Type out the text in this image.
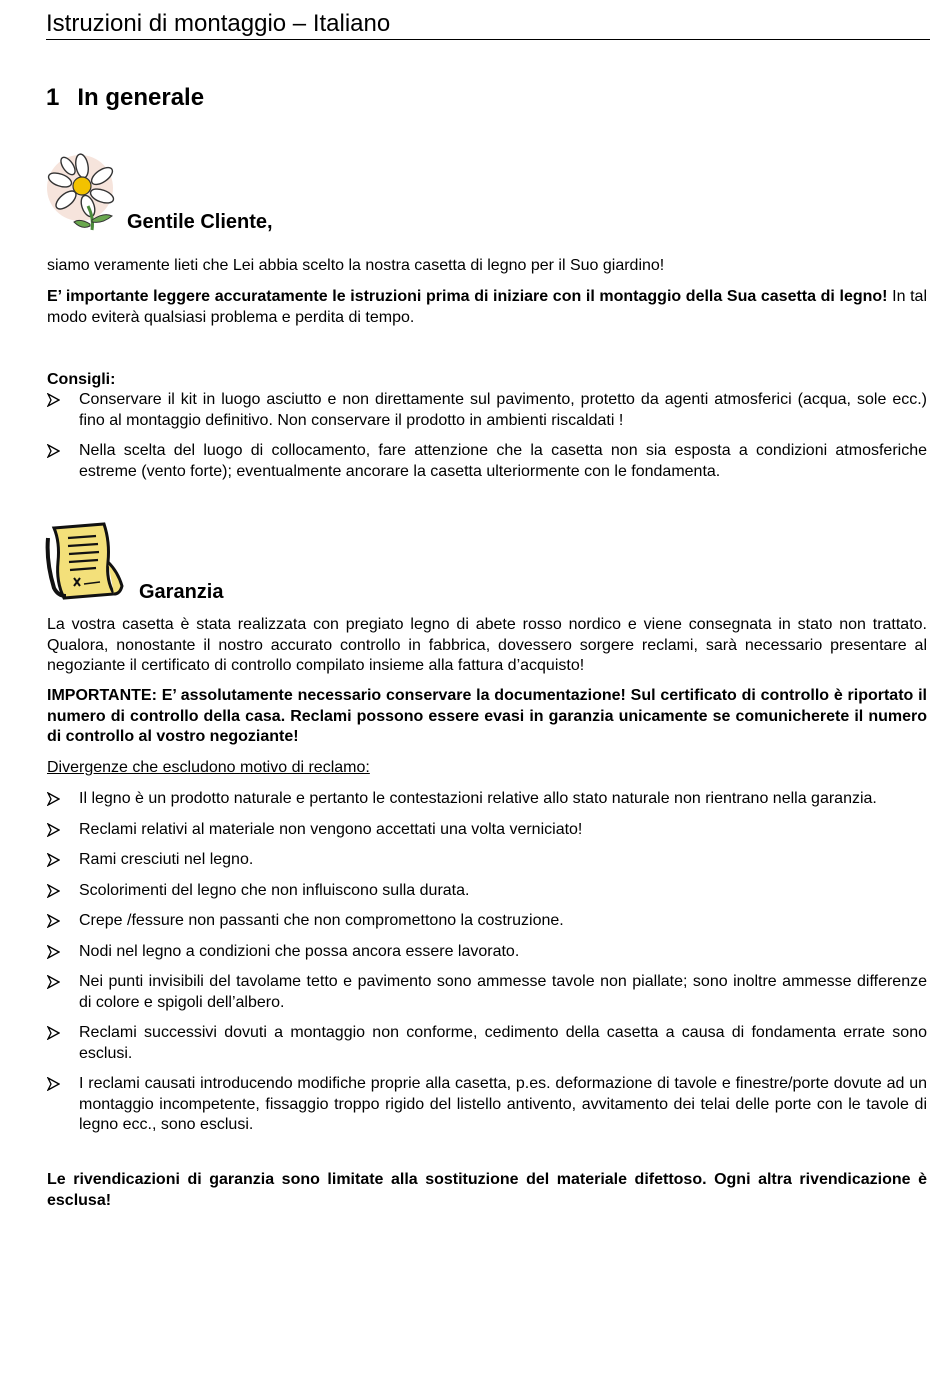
Istruzioni di montaggio – Italiano
1 In generale
Gentile Cliente,
siamo veramente lieti che Lei abbia scelto la nostra casetta di legno per il Suo giardino!
E’ importante leggere accuratamente le istruzioni prima di iniziare con il montaggio della Sua casetta di legno! In tal modo eviterà qualsiasi problema e perdita di tempo.
Consigli:
Conservare il kit in luogo asciutto e non direttamente sul pavimento, protetto da agenti atmosferici (acqua, sole ecc.) fino al montaggio definitivo. Non conservare il prodotto in ambienti riscaldati !
Nella scelta del luogo di collocamento, fare attenzione che la casetta non sia esposta a condizioni atmosferiche estreme (vento forte); eventualmente ancorare la casetta ulteriormente con le fondamenta.
Garanzia
La vostra casetta è stata realizzata con pregiato legno di abete rosso nordico e viene consegnata in stato non trattato. Qualora, nonostante il nostro accurato controllo in fabbrica, dovessero sorgere reclami, sarà necessario presentare al negoziante il certificato di controllo compilato insieme alla fattura d’acquisto!
IMPORTANTE: E’ assolutamente necessario conservare la documentazione! Sul certificato di controllo è riportato il numero di controllo della casa. Reclami possono essere evasi in garanzia unicamente se comunicherete il numero di controllo al vostro negoziante!
Divergenze che escludono motivo di reclamo:
Il legno è un prodotto naturale e pertanto le contestazioni relative allo stato naturale non rientrano nella garanzia.
Reclami relativi al materiale non vengono accettati una volta verniciato!
Rami cresciuti nel legno.
Scolorimenti del legno che non influiscono sulla durata.
Crepe /fessure non passanti che non compromettono la costruzione.
Nodi nel legno a condizioni che possa ancora essere lavorato.
Nei punti invisibili del tavolame tetto e pavimento sono ammesse tavole non piallate; sono inoltre ammesse differenze di colore e spigoli dell’albero.
Reclami successivi dovuti a montaggio non conforme, cedimento della casetta a causa di fondamenta errate sono esclusi.
I reclami causati introducendo modifiche proprie alla casetta, p.es. deformazione di tavole e finestre/porte dovute ad un montaggio incompetente, fissaggio troppo rigido del listello antivento, avvitamento dei telai delle porte con le tavole di legno ecc., sono esclusi.
Le rivendicazioni di garanzia sono limitate alla sostituzione del materiale difettoso. Ogni altra rivendicazione è esclusa!
